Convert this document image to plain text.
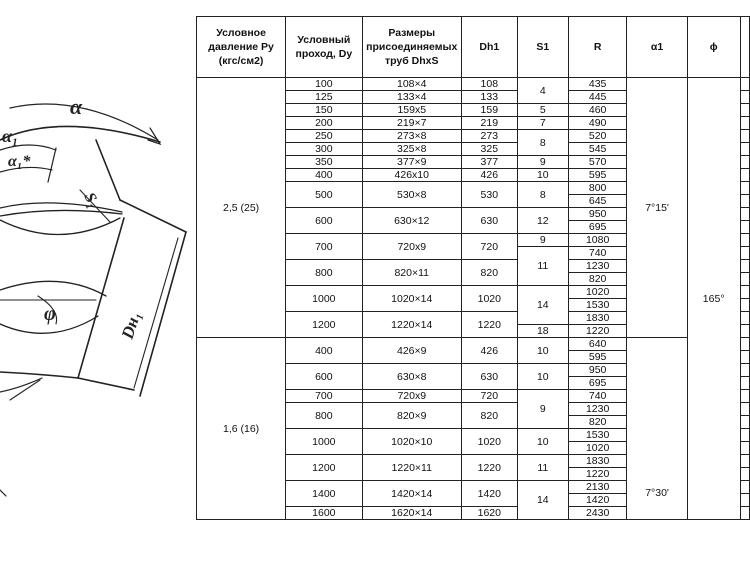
α
α₁
α₁*
S₁
φ	Dн₁
Условное давление Ру (кгс/см2)	Условный проход, Dу	Размеры присоединяемых труб DhxS	Dh1	S1	R	α1	ϕ	
2,5 (25)	100	108×4	108	4	435	7°15'	165°	
	125	133×4	133		445			
	150	159х5	159	5	460			
	200	219×7	219	7	490			
	250	273×8	273	8	520			
	300	325×8	325		545			
	350	377×9	377	9	570			
	400	426х10	426	10	595			
	500	530×8	530	8	800			
					645			
	600	630×12	630	12	950			
					695			
	700	720х9	720	9	1080			
				11	740			
	800	820×11	820		1230			
					820			
	1000	1020×14	1020	14	1020			
					1530			
	1200	1220×14	1220		1830			
				18	1220			
1,6 (16)	400	426×9	426	10	640	7°30'		
					595			
	600	630×8	630	10	950			
					695			
	700	720х9	720	9	740			
	800	820×9	820		1230			
					820			
	1000	1020×10	1020	10	1530			
					1020			
	1200	1220×11	1220	11	1830			
					1220			
	1400	1420×14	1420	14	2130			
					1420			
	1600	1620×14	1620		2430			
